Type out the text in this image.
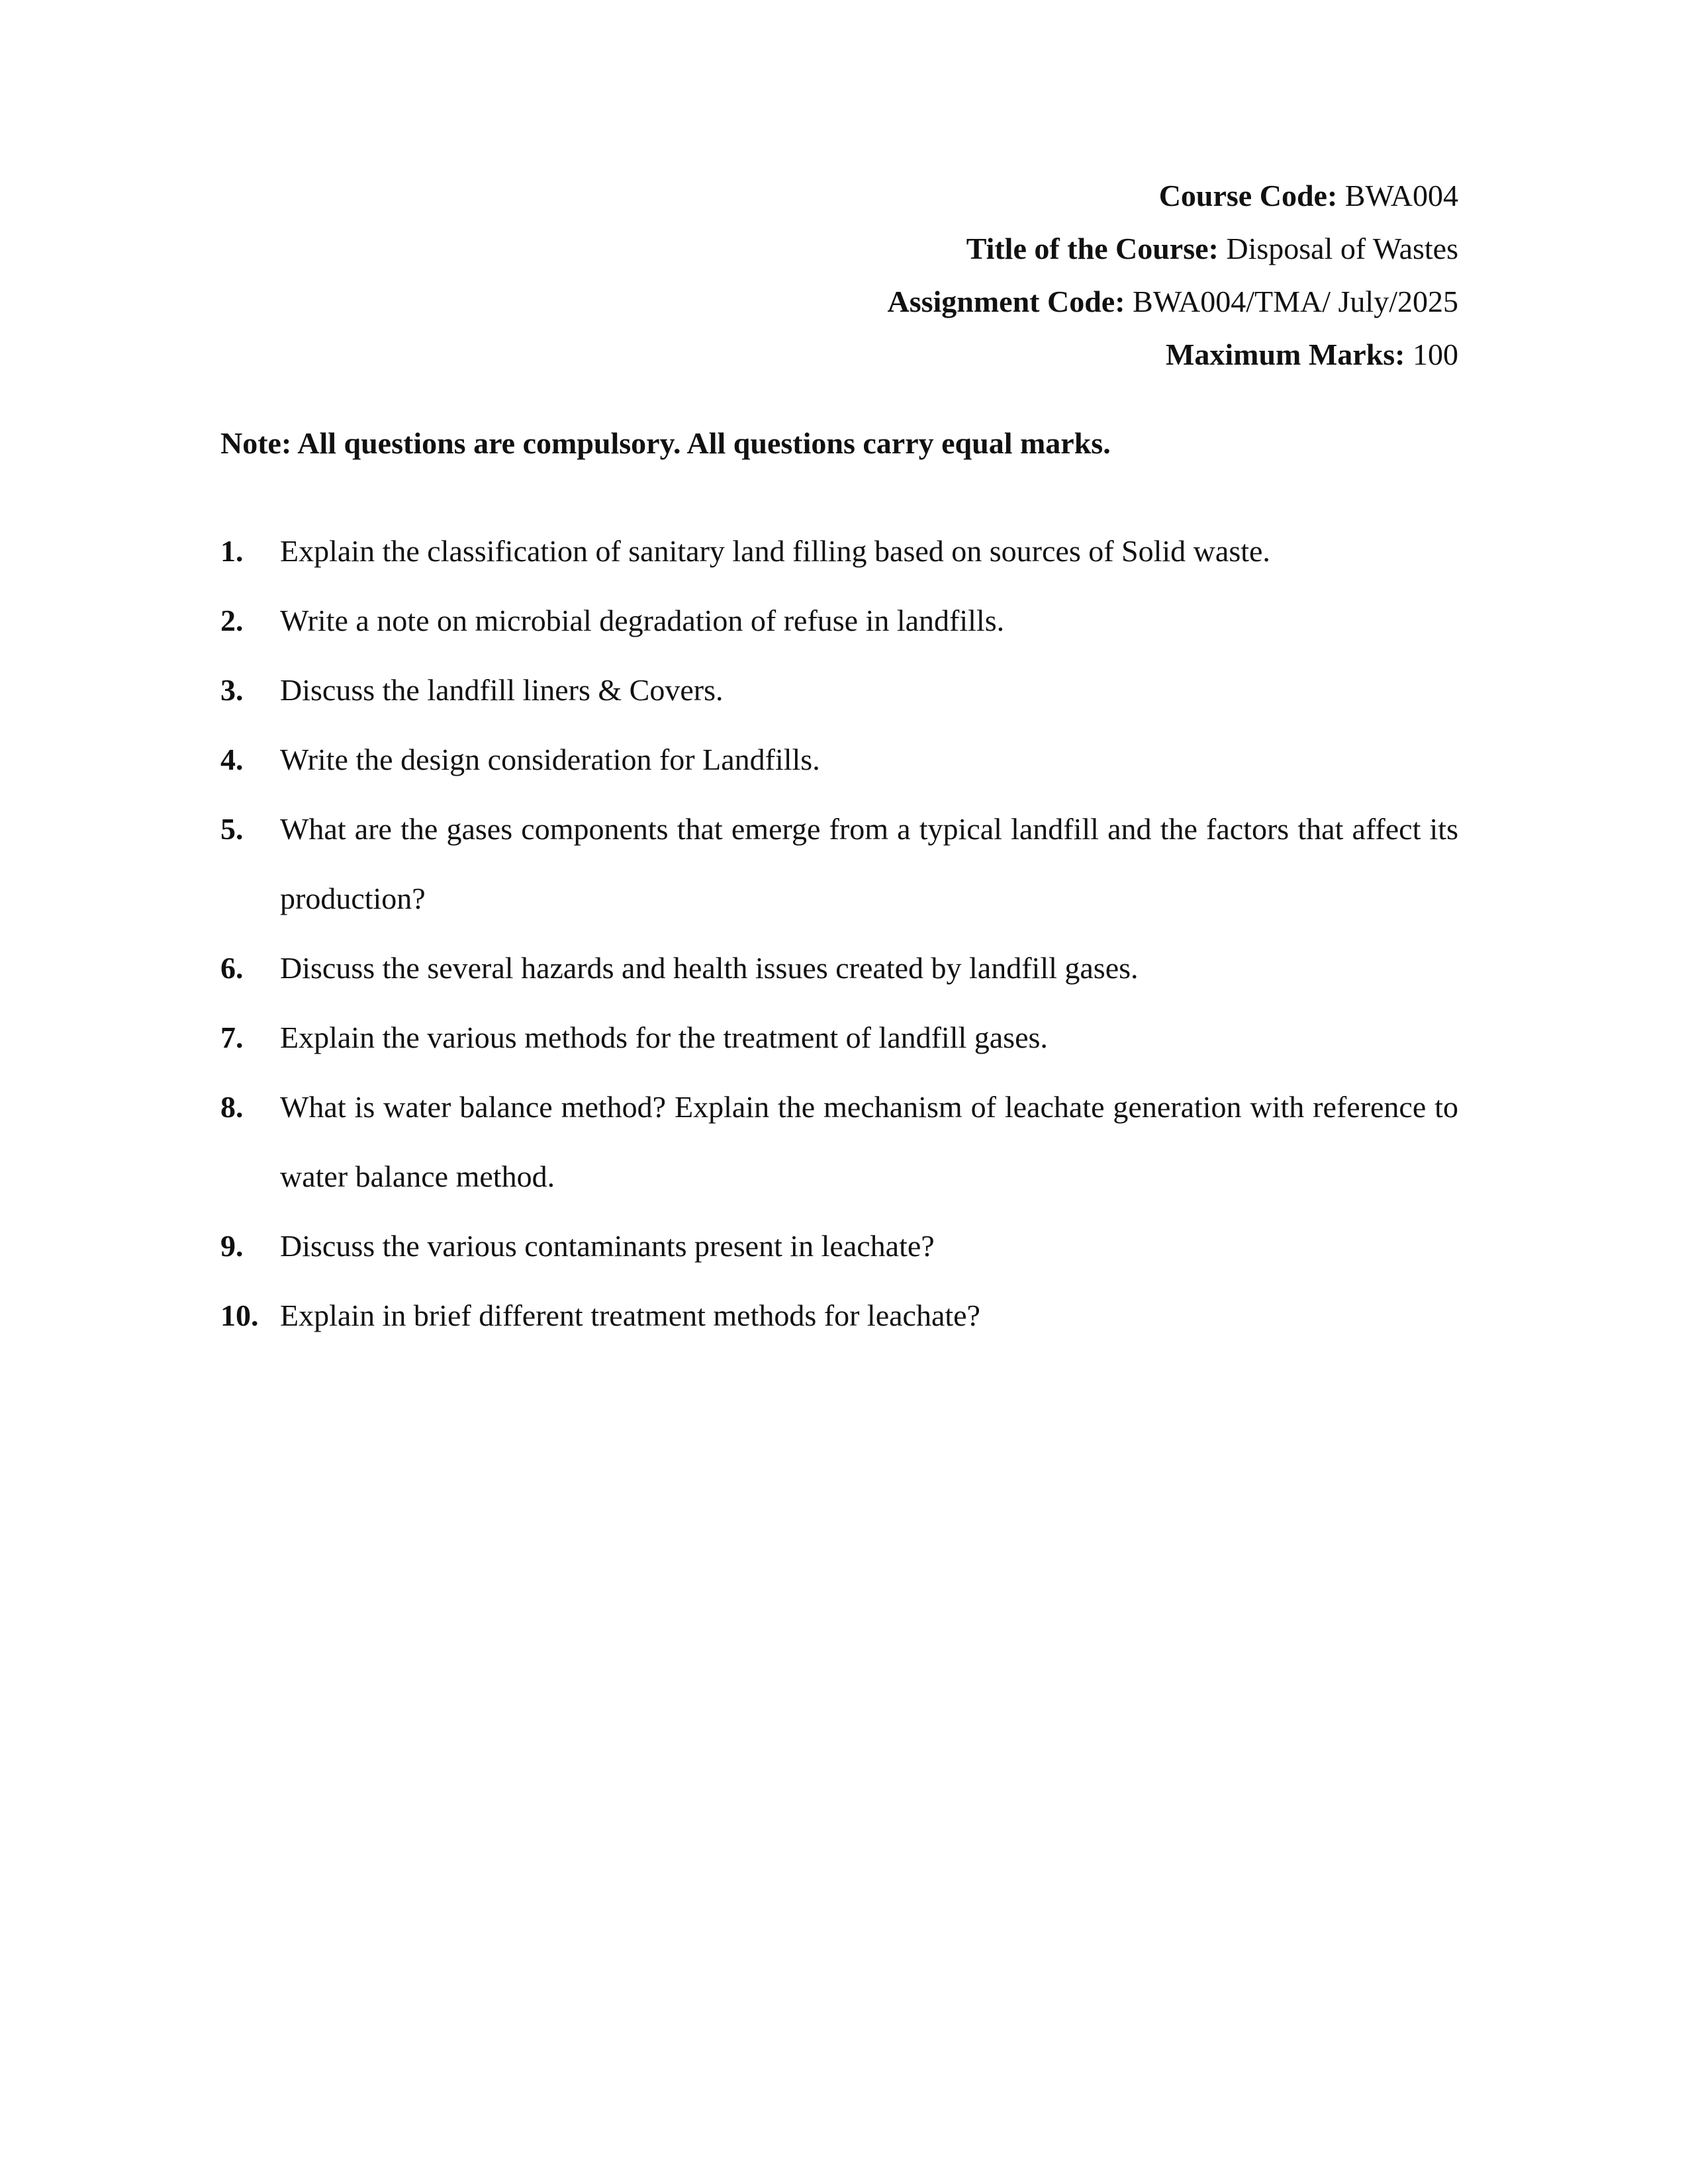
Course Code: BWA004
Title of the Course: Disposal of Wastes
Assignment Code: BWA004/TMA/ July/2025
Maximum Marks: 100
Note: All questions are compulsory. All questions carry equal marks.
1. Explain the classification of sanitary land filling based on sources of Solid waste.
2. Write a note on microbial degradation of refuse in landfills.
3. Discuss the landfill liners & Covers.
4. Write the design consideration for Landfills.
5. What are the gases components that emerge from a typical landfill and the factors that affect its production?
6. Discuss the several hazards and health issues created by landfill gases.
7. Explain the various methods for the treatment of landfill gases.
8. What is water balance method? Explain the mechanism of leachate generation with reference to water balance method.
9. Discuss the various contaminants present in leachate?
10. Explain in brief different treatment methods for leachate?
